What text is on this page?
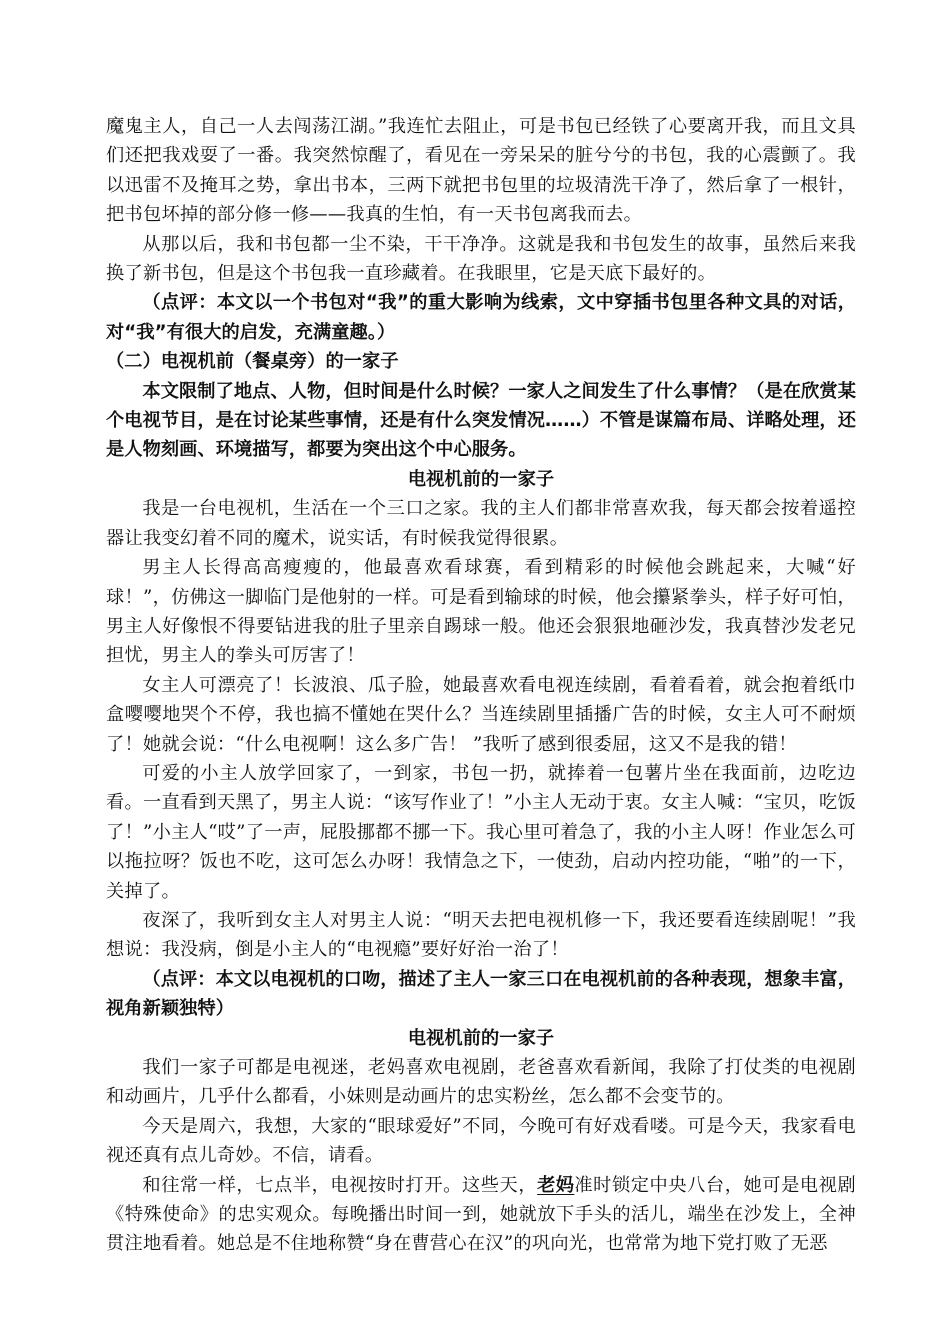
魔鬼主人，自己一人去闯荡江湖。”我连忙去阻止，可是书包已经铁了心要离开我，而且文具们还把我戏耍了一番。我突然惊醒了，看见在一旁呆呆的脏兮兮的书包，我的心震颤了。我以迅雷不及掩耳之势，拿出书本，三两下就把书包里的垃圾清洗干净了，然后拿了一根针，把书包坏掉的部分修一修——我真的生怕，有一天书包离我而去。

从那以后，我和书包都一尘不染，干干净净。这就是我和书包发生的故事，虽然后来我换了新书包，但是这个书包我一直珍藏着。在我眼里，它是天底下最好的。

（点评：本文以一个书包对“我”的重大影响为线索，文中穿插书包里各种文具的对话，对“我”有很大的启发，充满童趣。）

（二）电视机前（餐桌旁）的一家子

本文限制了地点、人物，但时间是什么时候？一家人之间发生了什么事情？（是在欣赏某个电视节目，是在讨论某些事情，还是有什么突发情况……）不管是谋篇布局、详略处理，还是人物刻画、环境描写，都要为突出这个中心服务。

电视机前的一家子

我是一台电视机，生活在一个三口之家。我的主人们都非常喜欢我，每天都会按着遥控器让我变幻着不同的魔术，说实话，有时候我觉得很累。

男主人长得高高瘦瘦的，他最喜欢看球赛，看到精彩的时候他会跳起来，大喊“好球！”，仿佛这一脚临门是他射的一样。可是看到输球的时候，他会攥紧拳头，样子好可怕，男主人好像恨不得要钻进我的肚子里亲自踢球一般。他还会狠狠地砸沙发，我真替沙发老兄担忧，男主人的拳头可厉害了！

女主人可漂亮了！长波浪、瓜子脸，她最喜欢看电视连续剧，看着看着，就会抱着纸巾盒嘤嘤地哭个不停，我也搞不懂她在哭什么？当连续剧里插播广告的时候，女主人可不耐烦了！她就会说：“什么电视啊！这么多广告！ ”我听了感到很委屈，这又不是我的错！

可爱的小主人放学回家了，一到家，书包一扔，就捧着一包薯片坐在我面前，边吃边看。一直看到天黑了，男主人说：“该写作业了！”小主人无动于衷。女主人喊：“宝贝，吃饭了！”小主人“哎”了一声，屁股挪都不挪一下。我心里可着急了，我的小主人呀！作业怎么可以拖拉呀？饭也不吃，这可怎么办呀！我情急之下，一使劲，启动内控功能，“啪”的一下，关掉了。

夜深了，我听到女主人对男主人说：“明天去把电视机修一下，我还要看连续剧呢！”我想说：我没病，倒是小主人的“电视瘾”要好好治一治了！

（点评：本文以电视机的口吻，描述了主人一家三口在电视机前的各种表现，想象丰富，视角新颖独特）

电视机前的一家子

我们一家子可都是电视迷，老妈喜欢电视剧，老爸喜欢看新闻，我除了打仗类的电视剧和动画片，几乎什么都看，小妹则是动画片的忠实粉丝，怎么都不会变节的。

今天是周六，我想，大家的“眼球爱好”不同，今晚可有好戏看喽。可是今天，我家看电视还真有点儿奇妙。不信，请看。

和往常一样，七点半，电视按时打开。这些天，老妈准时锁定中央八台，她可是电视剧《特殊使命》的忠实观众。每晚播出时间一到，她就放下手头的活儿，端坐在沙发上，全神贯注地看着。她总是不住地称赞“身在曹营心在汉”的巩向光，也常常为地下党打败了无恶
